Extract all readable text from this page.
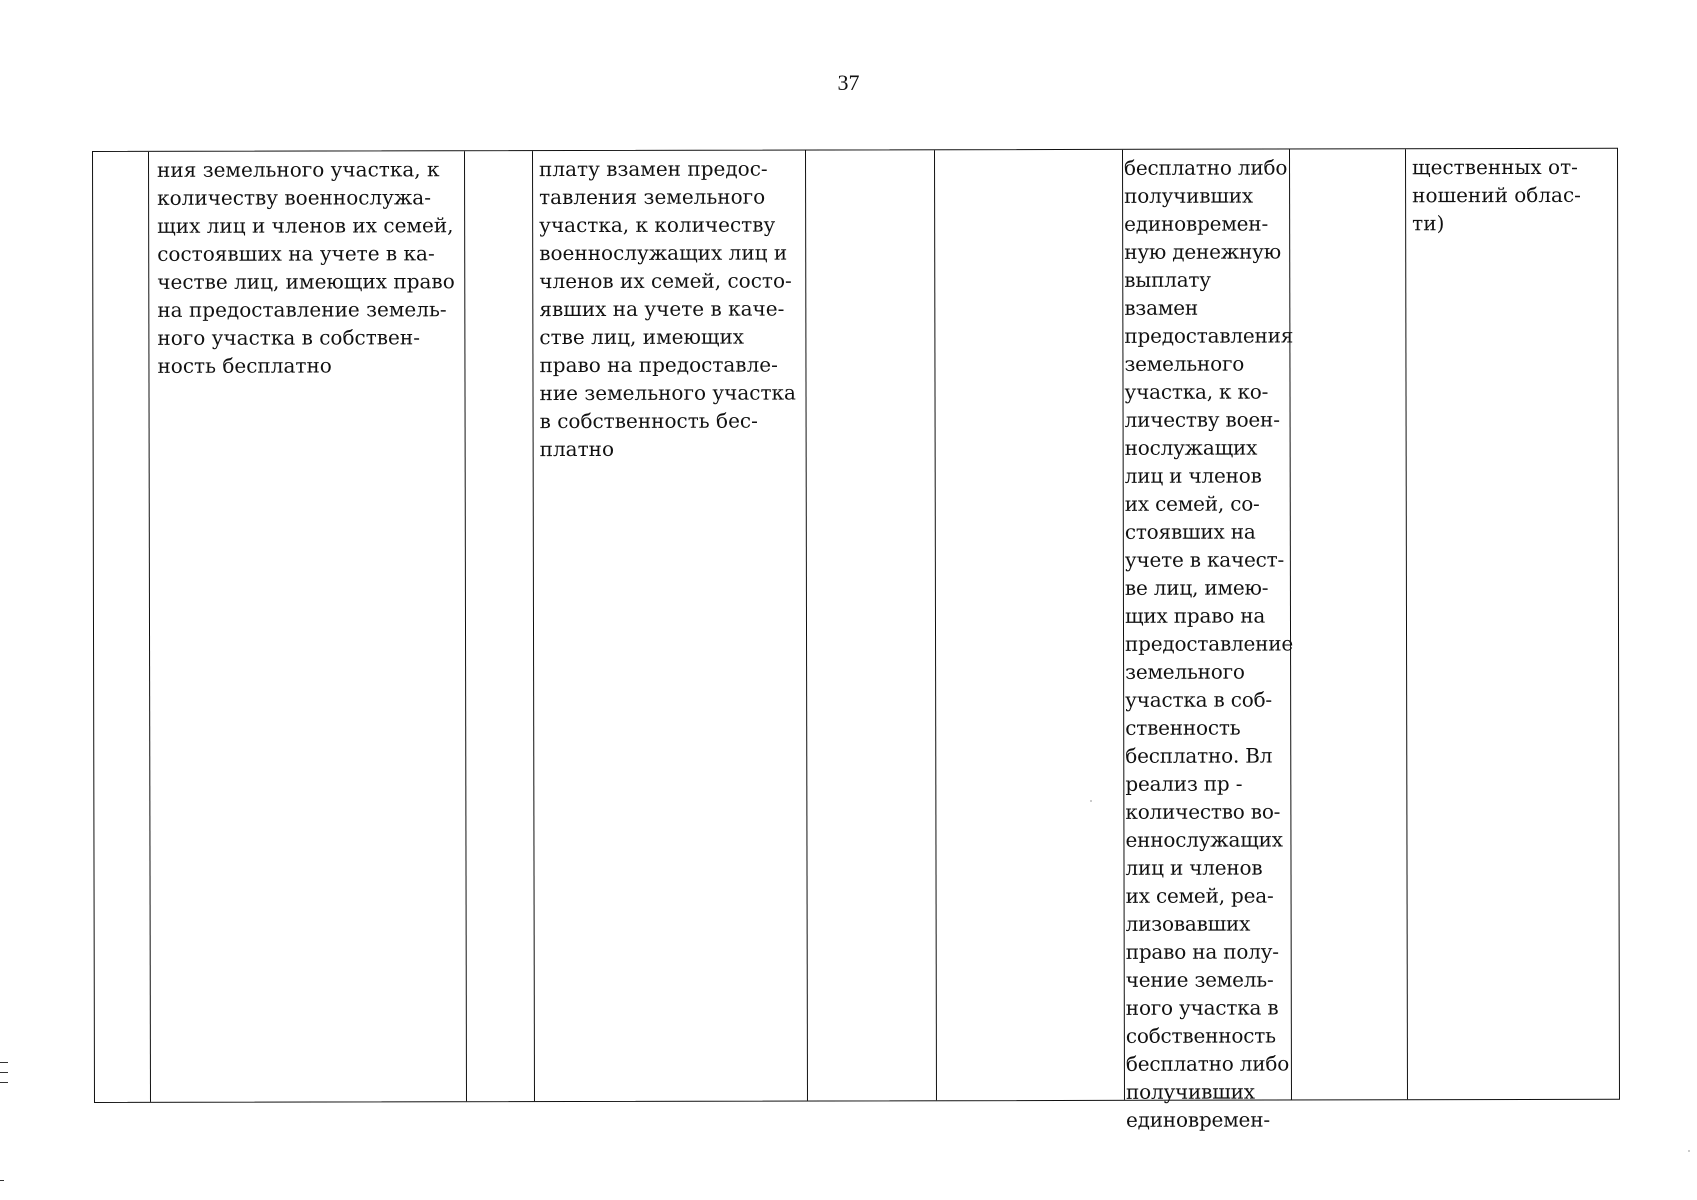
37
ния земельного участка, к
количеству военнослужа-
щих лиц и членов их семей,
состоявших на учете в ка-
честве лиц, имеющих право
на предоставление земель-
ного участка в собствен-
ность бесплатно
плату взамен предос-
тавления земельного
участка, к количеству
военнослужащих лиц и
членов их семей, состо-
явших на учете в каче-
стве лиц, имеющих
право на предоставле-
ние земельного участка
в собственность бес-
платно
бесплатно либо
получивших
единовремен-
ную денежную
выплату взамен
предоставления
земельного
участка, к ко-
личеству воен-
нослужащих
лиц и членов
их семей, со-
стоявших на
учете в качест-
ве лиц, имею-
щих право на
предоставление
земельного
участка в соб-
ственность
бесплатно. Вл
реализ пр -
количество во-
еннослужащих
лиц и членов
их семей, реа-
лизовавших
право на полу-
чение земель-
ного участка в
собственность
бесплатно либо
получивших
единовремен-
щественных от-
ношений облас-
ти)
